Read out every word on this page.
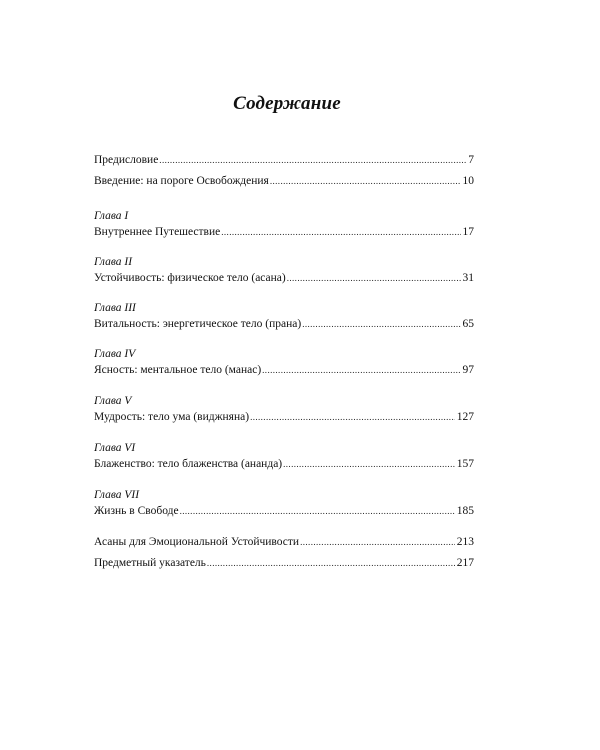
Содержание
Предисловие .....	7
Введение: на пороге Освобождения .....	10
Глава I
Внутреннее Путешествие .....	17
Глава II
Устойчивость: физическое тело (асана) .....	31
Глава III
Витальность: энергетическое тело (прана) .....	65
Глава IV
Ясность: ментальное тело (манас) .....	97
Глава V
Мудрость: тело ума (виджняна) .....	127
Глава VI
Блаженство: тело блаженства (ананда) .....	157
Глава VII
Жизнь в Свободе .....	185
Асаны для Эмоциональной Устойчивости .....	213
Предметный указатель .....	217
